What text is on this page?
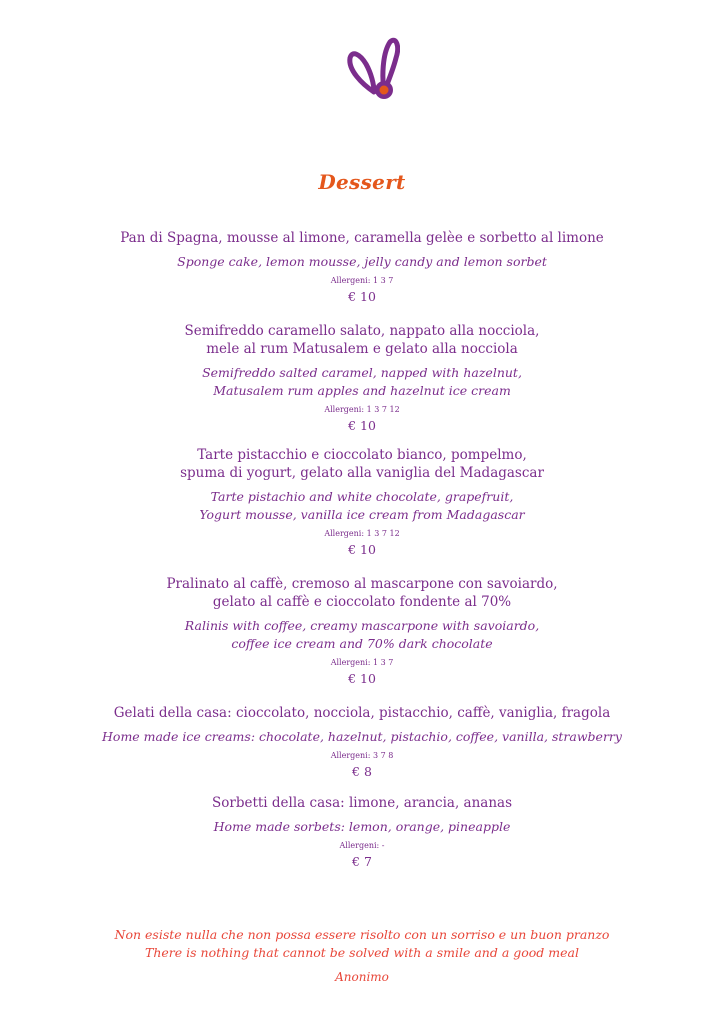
Dessert

Pan di Spagna, mousse al limone, caramella gelèe e sorbetto al limone

Sponge cake, lemon mousse, jelly candy and lemon sorbet

Allergeni: 1 3 7

€ 10

Semifreddo caramello salato, nappato alla nocciola,
mele al rum Matusalem e gelato alla nocciola

Semifreddo salted caramel, napped with hazelnut,
Matusalem rum apples and hazelnut ice cream

Allergeni: 1 3 7 12

€ 10

Tarte pistacchio e cioccolato bianco, pompelmo,
spuma di yogurt, gelato alla vaniglia del Madagascar

Tarte pistachio and white chocolate, grapefruit,
Yogurt mousse, vanilla ice cream from Madagascar

Allergeni: 1 3 7 12

€ 10

Pralinato al caffè, cremoso al mascarpone con savoiardo,
gelato al caffè e cioccolato fondente al 70%

Ralinis with coffee, creamy mascarpone with savoiardo,
coffee ice cream and 70% dark chocolate

Allergeni: 1 3 7

€ 10

Gelati della casa: cioccolato, nocciola, pistacchio, caffè, vaniglia, fragola

Home made ice creams: chocolate, hazelnut, pistachio, coffee, vanilla, strawberry

Allergeni: 3 7 8

€ 8

Sorbetti della casa: limone, arancia, ananas

Home made sorbets: lemon, orange, pineapple

Allergeni: -

€ 7

Non esiste nulla che non possa essere risolto con un sorriso e un buon pranzo
There is nothing that cannot be solved with a smile and a good meal
Anonimo
